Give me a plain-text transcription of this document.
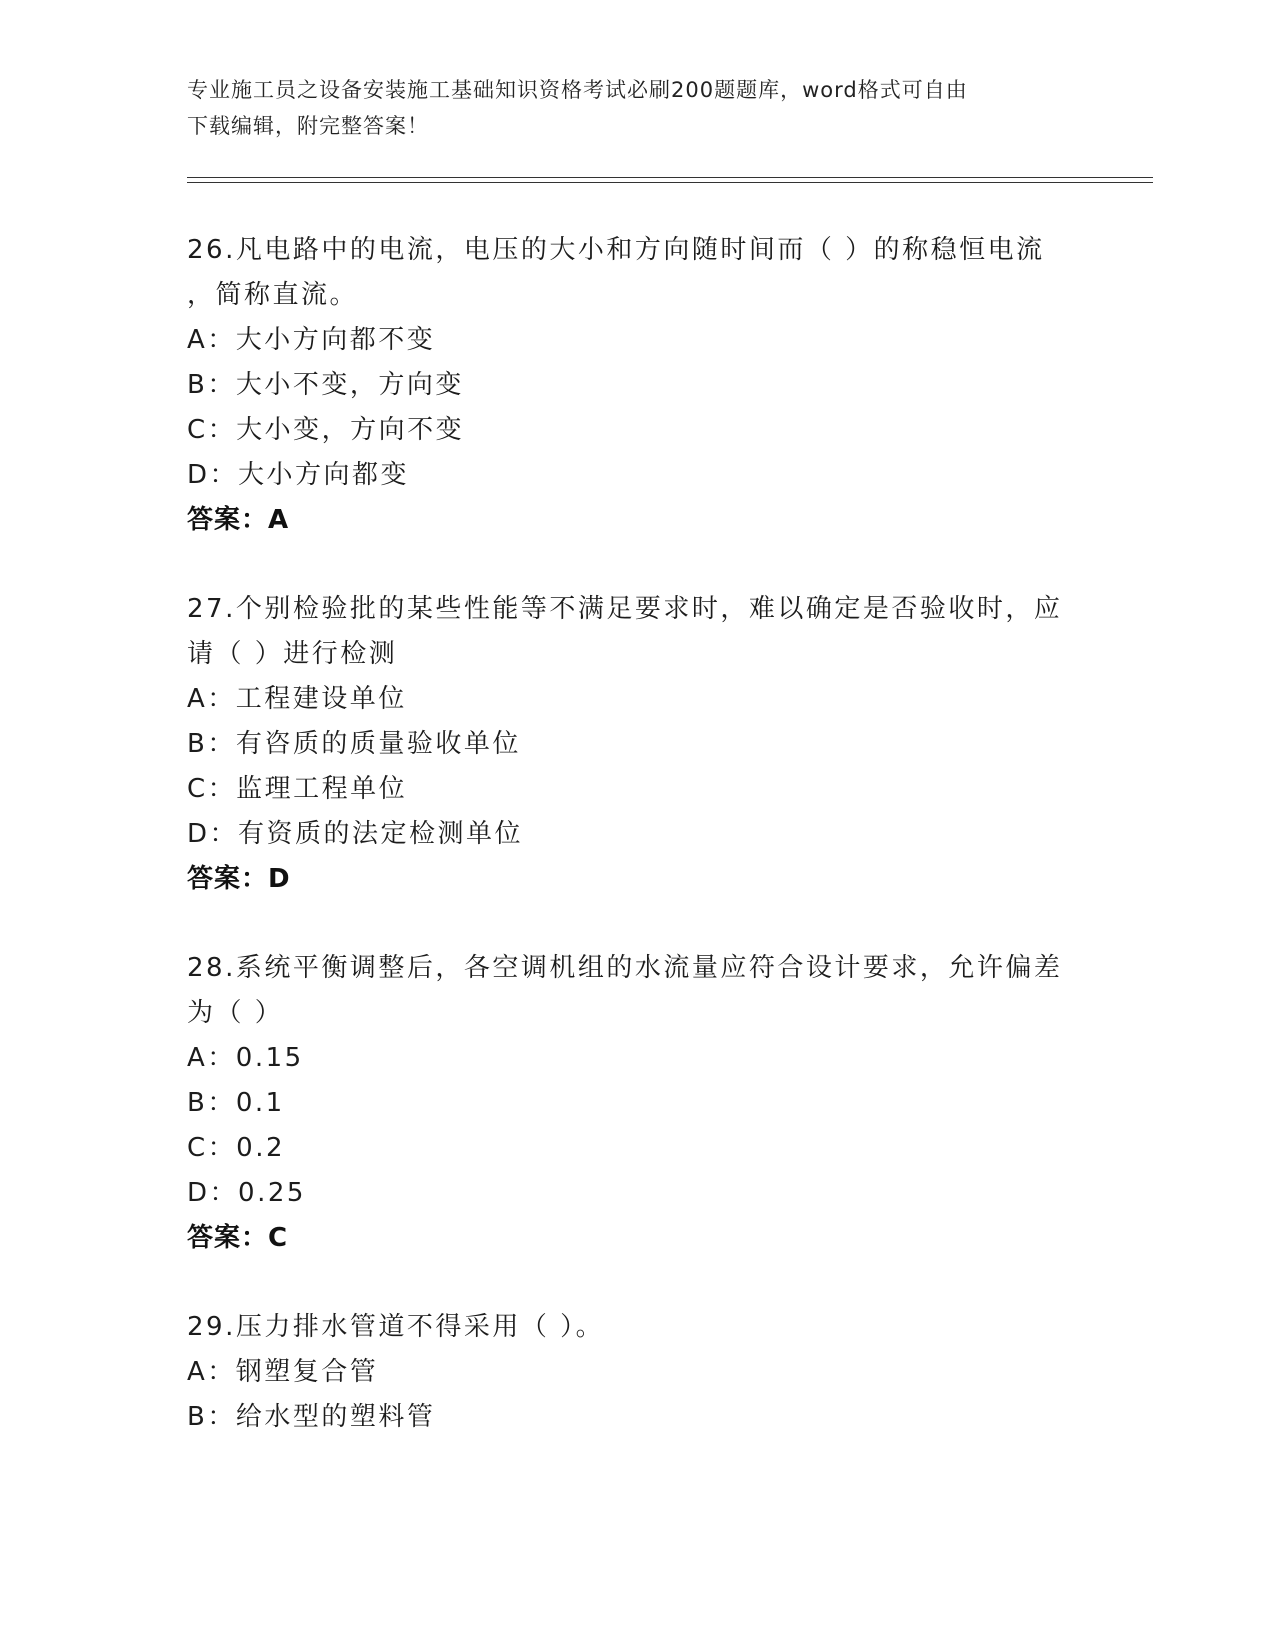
专业施工员之设备安装施工基础知识资格考试必刷200题题库，word格式可自由
下载编辑，附完整答案！

26.凡电路中的电流，电压的大小和方向随时间而（ ）的称稳恒电流

，简称直流。

A：大小方向都不变

B：大小不变，方向变

C：大小变，方向不变

D：大小方向都变

答案：A

27.个别检验批的某些性能等不满足要求时，难以确定是否验收时，应

请（ ）进行检测

A：工程建设单位

B：有咨质的质量验收单位

C：监理工程单位

D：有资质的法定检测单位

答案：D

28.系统平衡调整后，各空调机组的水流量应符合设计要求，允许偏差

为（ ）

A：0.15

B：0.1

C：0.2

D：0.25

答案：C

29.压力排水管道不得采用（ ）。

A：钢塑复合管

B：给水型的塑料管
